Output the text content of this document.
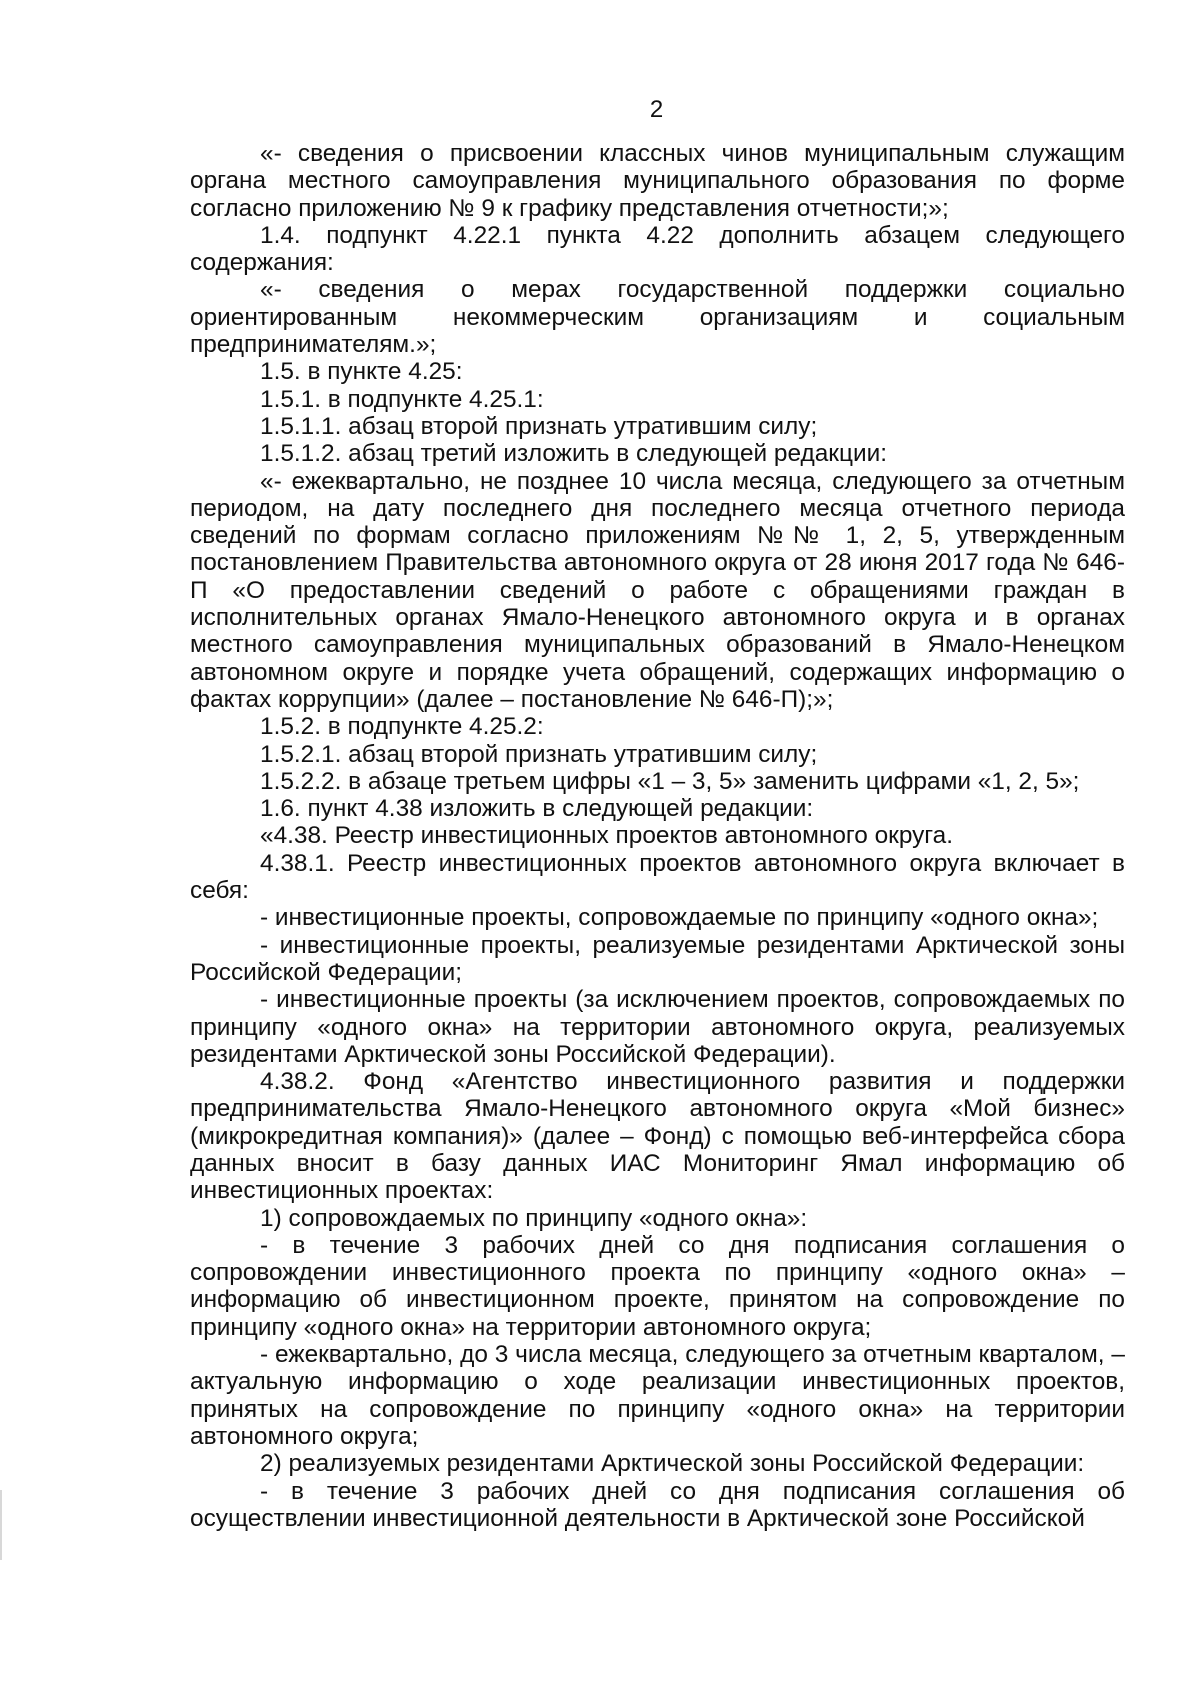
2

«- сведения о присвоении классных чинов муниципальным служащим органа местного самоуправления муниципального образования по форме согласно приложению № 9 к графику представления отчетности;»;

1.4. подпункт 4.22.1 пункта 4.22 дополнить абзацем следующего содержания:

«- сведения о мерах государственной поддержки социально ориентированным некоммерческим организациям и социальным предпринимателям.»;

1.5. в пункте 4.25:

1.5.1. в подпункте 4.25.1:

1.5.1.1. абзац второй признать утратившим силу;

1.5.1.2. абзац третий изложить в следующей редакции:

«- ежеквартально, не позднее 10 числа месяца, следующего за отчетным периодом, на дату последнего дня последнего месяца отчетного периода сведений по формам согласно приложениям №№ 1, 2, 5, утвержденным постановлением Правительства автономного округа от 28 июня 2017 года № 646-П «О предоставлении сведений о работе с обращениями граждан в исполнительных органах Ямало-Ненецкого автономного округа и в органах местного самоуправления муниципальных образований в Ямало-Ненецком автономном округе и порядке учета обращений, содержащих информацию о фактах коррупции» (далее – постановление № 646-П);»;

1.5.2. в подпункте 4.25.2:

1.5.2.1. абзац второй признать утратившим силу;

1.5.2.2. в абзаце третьем цифры «1 – 3, 5» заменить цифрами «1, 2, 5»;

1.6. пункт 4.38 изложить в следующей редакции:

«4.38. Реестр инвестиционных проектов автономного округа.

4.38.1. Реестр инвестиционных проектов автономного округа включает в себя:

- инвестиционные проекты, сопровождаемые по принципу «одного окна»;

- инвестиционные проекты, реализуемые резидентами Арктической зоны Российской Федерации;

- инвестиционные проекты (за исключением проектов, сопровождаемых по принципу «одного окна» на территории автономного округа, реализуемых резидентами Арктической зоны Российской Федерации).

4.38.2. Фонд «Агентство инвестиционного развития и поддержки предпринимательства Ямало-Ненецкого автономного округа «Мой бизнес» (микрокредитная компания)» (далее – Фонд) с помощью веб-интерфейса сбора данных вносит в базу данных ИАС Мониторинг Ямал информацию об инвестиционных проектах:

1) сопровождаемых по принципу «одного окна»:

- в течение 3 рабочих дней со дня подписания соглашения о сопровождении инвестиционного проекта по принципу «одного окна» – информацию об инвестиционном проекте, принятом на сопровождение по принципу «одного окна» на территории автономного округа;

- ежеквартально, до 3 числа месяца, следующего за отчетным кварталом, – актуальную информацию о ходе реализации инвестиционных проектов, принятых на сопровождение по принципу «одного окна» на территории автономного округа;

2) реализуемых резидентами Арктической зоны Российской Федерации:

- в течение 3 рабочих дней со дня подписания соглашения об осуществлении инвестиционной деятельности в Арктической зоне Российской
